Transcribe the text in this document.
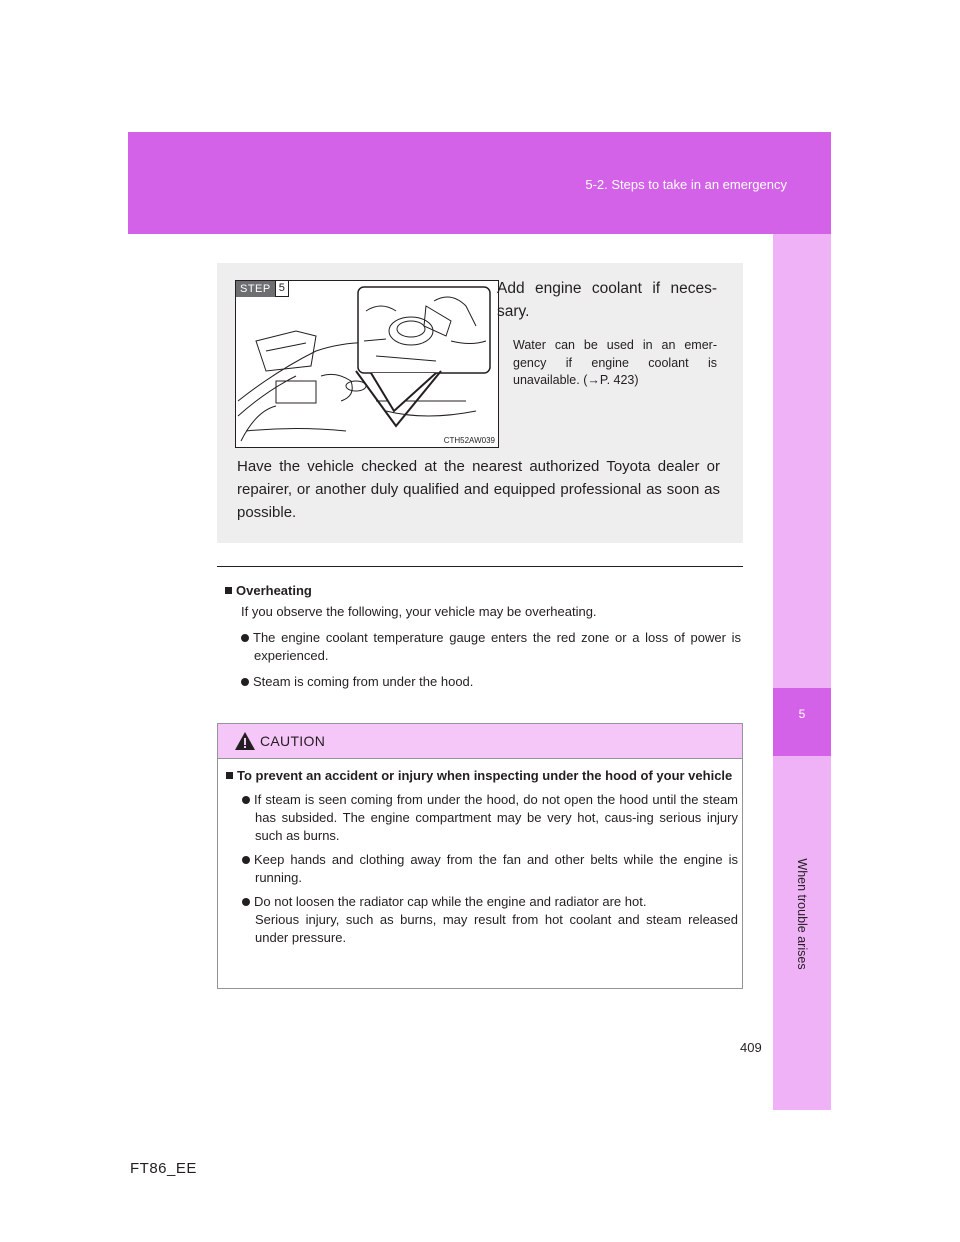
5-2. Steps to take in an emergency
5
When trouble arises
STEP 5
CTH52AW039

Add engine coolant if neces-sary.

Water can be used in an emer-gency if engine coolant is unavailable. (→P. 423)

Have the vehicle checked at the nearest authorized Toyota dealer or repairer, or another duly qualified and equipped professional as soon as possible.

Overheating

If you observe the following, your vehicle may be overheating.

The engine coolant temperature gauge enters the red zone or a loss of power is experienced.

Steam is coming from under the hood.

CAUTION

To prevent an accident or injury when inspecting under the hood of your vehicle

If steam is seen coming from under the hood, do not open the hood until the steam has subsided. The engine compartment may be very hot, caus-ing serious injury such as burns.

Keep hands and clothing away from the fan and other belts while the engine is running.

Do not loosen the radiator cap while the engine and radiator are hot.

Serious injury, such as burns, may result from hot coolant and steam released under pressure.

409
FT86_EE
